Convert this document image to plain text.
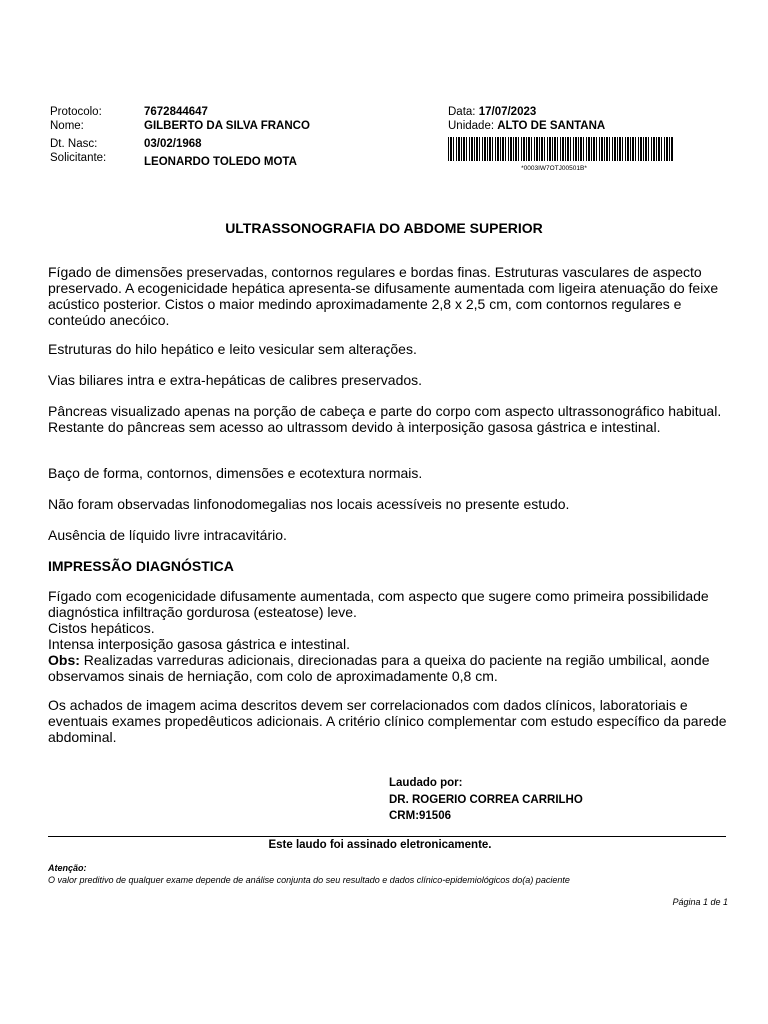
Protocolo:	7672844647
Nome:	GILBERTO DA SILVA FRANCO
Dt. Nasc:	03/02/1968
Solicitante:	LEONARDO TOLEDO MOTA
Data: 17/07/2023
Unidade: ALTO DE SANTANA
*0003IW7OTJ00501B*
ULTRASSONOGRAFIA DO ABDOME SUPERIOR

Fígado de dimensões preservadas, contornos regulares e bordas finas. Estruturas vasculares de aspecto preservado. A ecogenicidade hepática apresenta-se difusamente aumentada com ligeira atenuação do feixe acústico posterior. Cistos o maior medindo aproximadamente 2,8 x 2,5 cm, com contornos regulares e conteúdo anecóico.

Estruturas do hilo hepático e leito vesicular sem alterações.

Vias biliares intra e extra-hepáticas de calibres preservados.

Pâncreas visualizado apenas na porção de cabeça e parte do corpo com aspecto ultrassonográfico habitual. Restante do pâncreas sem acesso ao ultrassom devido à interposição gasosa gástrica e intestinal.

Baço de forma, contornos, dimensões e ecotextura normais.

Não foram observadas linfonodomegalias nos locais acessíveis no presente estudo.

Ausência de líquido livre intracavitário.

IMPRESSÃO DIAGNÓSTICA

Fígado com ecogenicidade difusamente aumentada, com aspecto que sugere como primeira possibilidade diagnóstica infiltração gordurosa (esteatose) leve.

Cistos hepáticos.

Intensa interposição gasosa gástrica e intestinal.

Obs: Realizadas varreduras adicionais, direcionadas para a queixa do paciente na região umbilical, aonde observamos sinais de herniação, com colo de aproximadamente 0,8 cm.

Os achados de imagem acima descritos devem ser correlacionados com dados clínicos, laboratoriais e eventuais exames propedêuticos adicionais. A critério clínico complementar com estudo específico da parede abdominal.

Laudado por:
DR. ROGERIO CORREA CARRILHO
CRM:91506
Este laudo foi assinado eletronicamente.
Atenção:
O valor preditivo de qualquer exame depende de análise conjunta do seu resultado e dados clínico-epidemiológicos do(a) paciente
Página 1 de 1
